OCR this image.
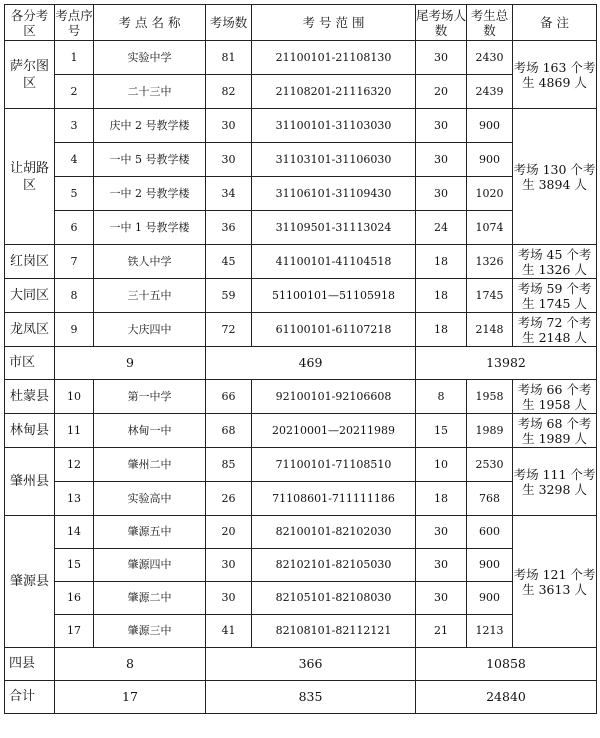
各分考区	考点序号	考 点 名 称	考场数	考 号 范 围	尾考场人 数	考生总数	备 注
萨尔图区	1	实验中学	81	21100101-21108130	30	2430	考场 163 个考生 4869 人
	2	二十三中	82	21108201-21116320	20	2439	
让胡路区	3	庆中 2 号教学楼	30	31100101-31103030	30	900	考场 130 个考生 3894 人
	4	一中 5 号教学楼	30	31103101-31106030	30	900	
	5	一中 2 号教学楼	34	31106101-31109430	30	1020	
	6	一中 1 号教学楼	36	31109501-31113024	24	1074	
红岗区	7	铁人中学	45	41100101-41104518	18	1326	考场 45 个考生 1326 人
大同区	8	三十五中	59	51100101—51105918	18	1745	考场 59 个考生 1745 人
龙凤区	9	大庆四中	72	61100101-61107218	18	2148	考场 72 个考生 2148 人
市区	9		469		13982		
杜蒙县	10	第一中学	66	92100101-92106608	8	1958	考场 66 个考生 1958 人
林甸县	11	林甸一中	68	20210001—20211989	15	1989	考场 68 个考生 1989 人
肇州县	12	肇州二中	85	71100101-71108510	10	2530	考场 111 个考生 3298 人
	13	实验高中	26	71108601-711111186	18	768	
肇源县	14	肇源五中	20	82100101-82102030	30	600	考场 121 个考生 3613 人
	15	肇源四中	30	82102101-82105030	30	900	
	16	肇源二中	30	82105101-82108030	30	900	
	17	肇源三中	41	82108101-82112121	21	1213	
四县	8		366		10858		
合计	17		835		24840		
